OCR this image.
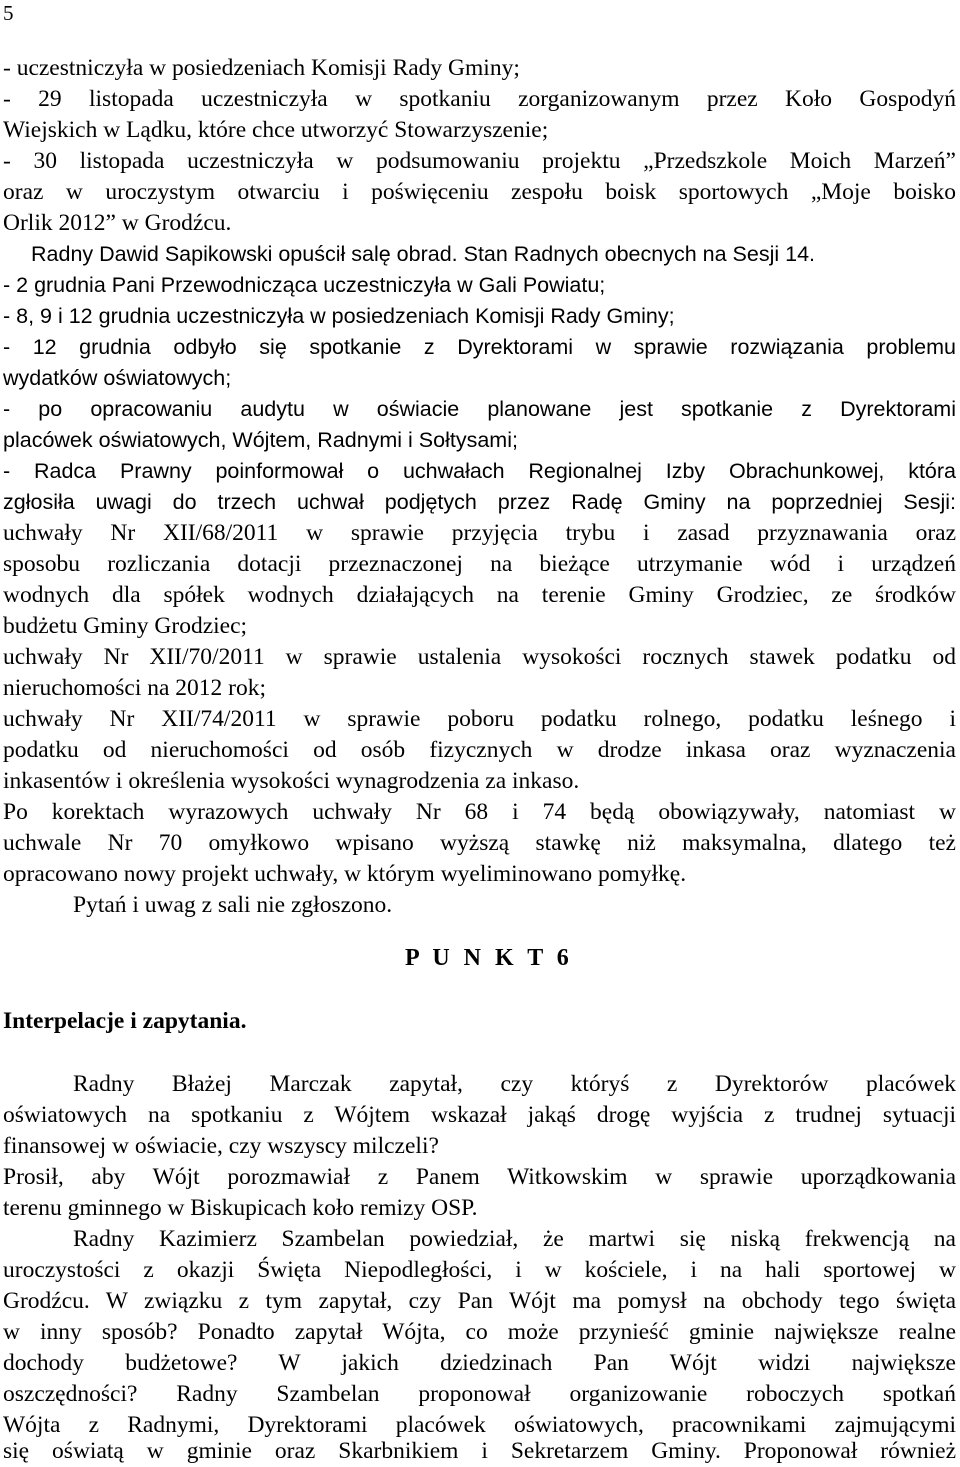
5
- uczestniczyła w posiedzeniach Komisji Rady Gminy;
- 29 listopada uczestniczyła w spotkaniu zorganizowanym przez Koło Gospodyń
Wiejskich w Lądku, które chce utworzyć Stowarzyszenie;
- 30 listopada uczestniczyła w podsumowaniu projektu „Przedszkole Moich Marzeń”
oraz w uroczystym otwarciu i poświęceniu zespołu boisk sportowych „Moje boisko
Orlik 2012” w Grodźcu.
Radny Dawid Sapikowski opuścił salę obrad. Stan Radnych obecnych na Sesji 14.
- 2 grudnia Pani Przewodnicząca uczestniczyła w Gali Powiatu;
- 8, 9 i 12 grudnia uczestniczyła w posiedzeniach Komisji Rady Gminy;
- 12 grudnia odbyło się spotkanie z Dyrektorami w sprawie rozwiązania problemu
wydatków oświatowych;
- po opracowaniu audytu w oświacie planowane jest spotkanie z Dyrektorami
placówek oświatowych, Wójtem, Radnymi i Sołtysami;
- Radca Prawny poinformował o uchwałach Regionalnej Izby Obrachunkowej, która
zgłosiła uwagi do trzech uchwał podjętych przez Radę Gminy na poprzedniej Sesji:
uchwały Nr XII/68/2011 w sprawie przyjęcia trybu i zasad przyznawania oraz
sposobu rozliczania dotacji przeznaczonej na bieżące utrzymanie wód i urządzeń
wodnych dla spółek wodnych działających na terenie Gminy Grodziec, ze środków
budżetu Gminy Grodziec;
uchwały Nr XII/70/2011 w sprawie ustalenia wysokości rocznych stawek podatku od
nieruchomości na 2012 rok;
uchwały Nr XII/74/2011 w sprawie poboru podatku rolnego, podatku leśnego i
podatku od nieruchomości od osób fizycznych w drodze inkasa oraz wyznaczenia
inkasentów i określenia wysokości wynagrodzenia za inkaso.
Po korektach wyrazowych uchwały Nr 68 i 74 będą obowiązywały, natomiast w
uchwale Nr 70 omyłkowo wpisano wyższą stawkę niż maksymalna, dlatego też
opracowano nowy projekt uchwały, w którym wyeliminowano pomyłkę.
Pytań i uwag z sali nie zgłoszono.
P U N K T 6
Interpelacje i zapytania.
Radny Błażej Marczak zapytał, czy któryś z Dyrektorów placówek
oświatowych na spotkaniu z Wójtem wskazał jakąś drogę wyjścia z trudnej sytuacji
finansowej w oświacie, czy wszyscy milczeli?
Prosił, aby Wójt porozmawiał z Panem Witkowskim w sprawie uporządkowania
terenu gminnego w Biskupicach koło remizy OSP.
Radny Kazimierz Szambelan powiedział, że martwi się niską frekwencją na
uroczystości z okazji Święta Niepodległości, i w kościele, i na hali sportowej w
Grodźcu. W związku z tym zapytał, czy Pan Wójt ma pomysł na obchody tego święta
w inny sposób? Ponadto zapytał Wójta, co może przynieść gminie największe realne
dochody budżetowe? W jakich dziedzinach Pan Wójt widzi największe
oszczędności? Radny Szambelan proponował organizowanie roboczych spotkań
Wójta z Radnymi, Dyrektorami placówek oświatowych, pracownikami zajmującymi
się oświatą w gminie oraz Skarbnikiem i Sekretarzem Gminy. Proponował również
